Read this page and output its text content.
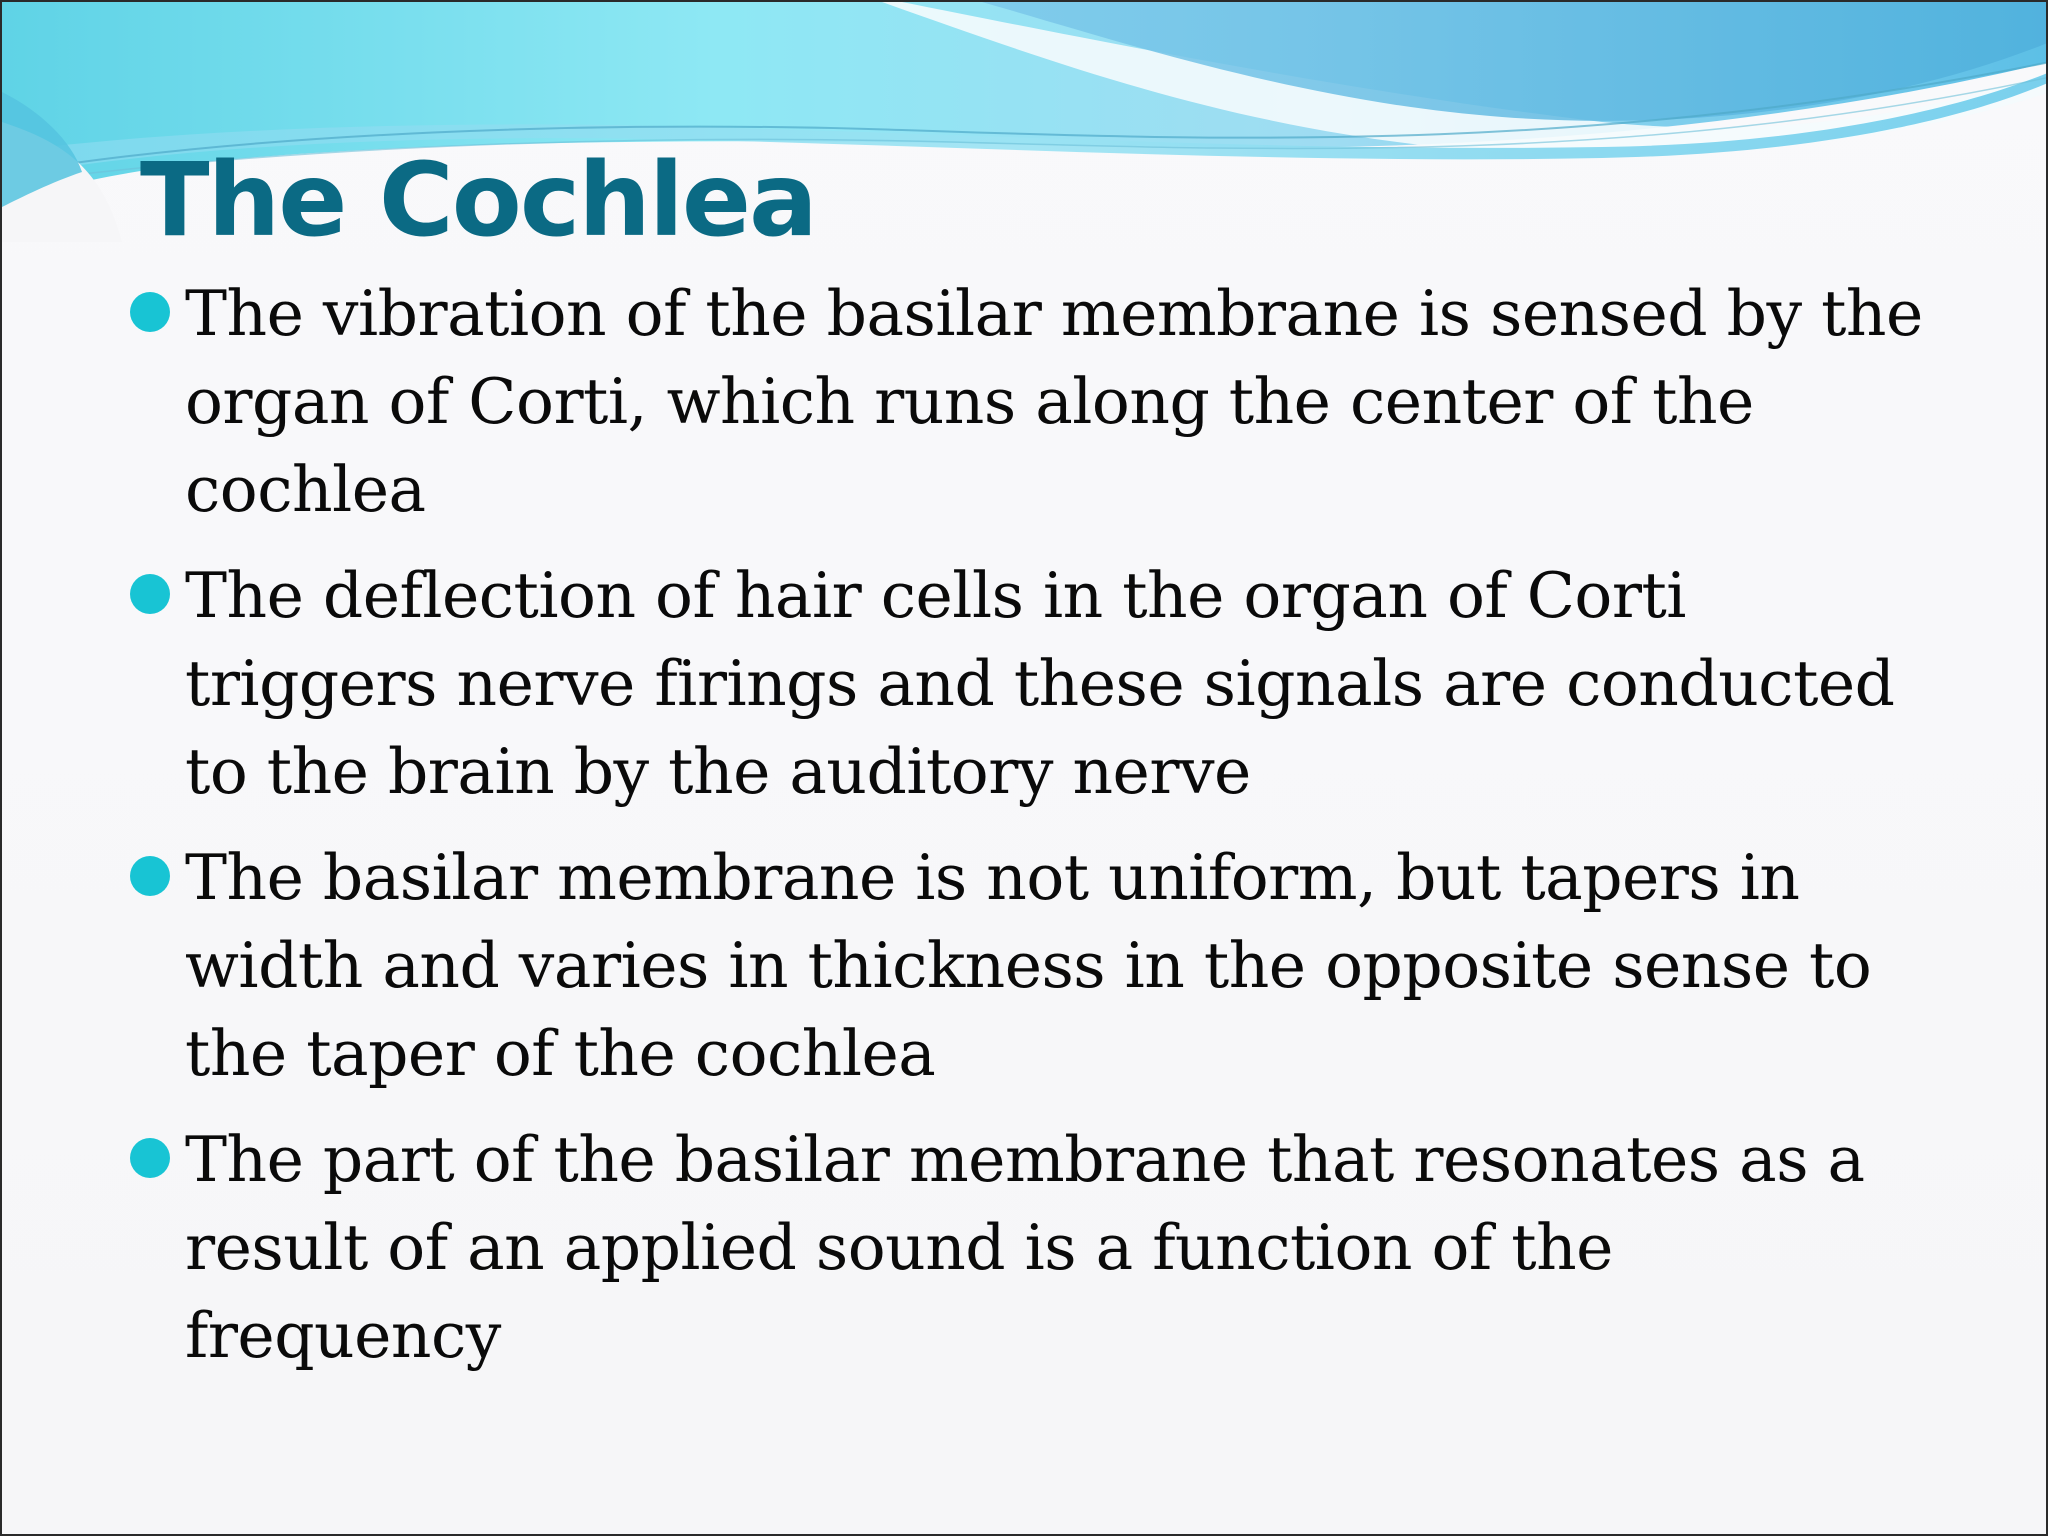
The Cochlea
The vibration of the basilar membrane is sensed by the organ of Corti, which runs along the center of the cochlea
The deflection of hair cells in the organ of Corti triggers nerve firings and these signals are conducted to the brain by the auditory nerve
The basilar membrane is not uniform, but tapers in width and varies in thickness in the opposite sense to the taper of the cochlea
The part of the basilar membrane that resonates as a result of an applied sound is a function of the frequency
